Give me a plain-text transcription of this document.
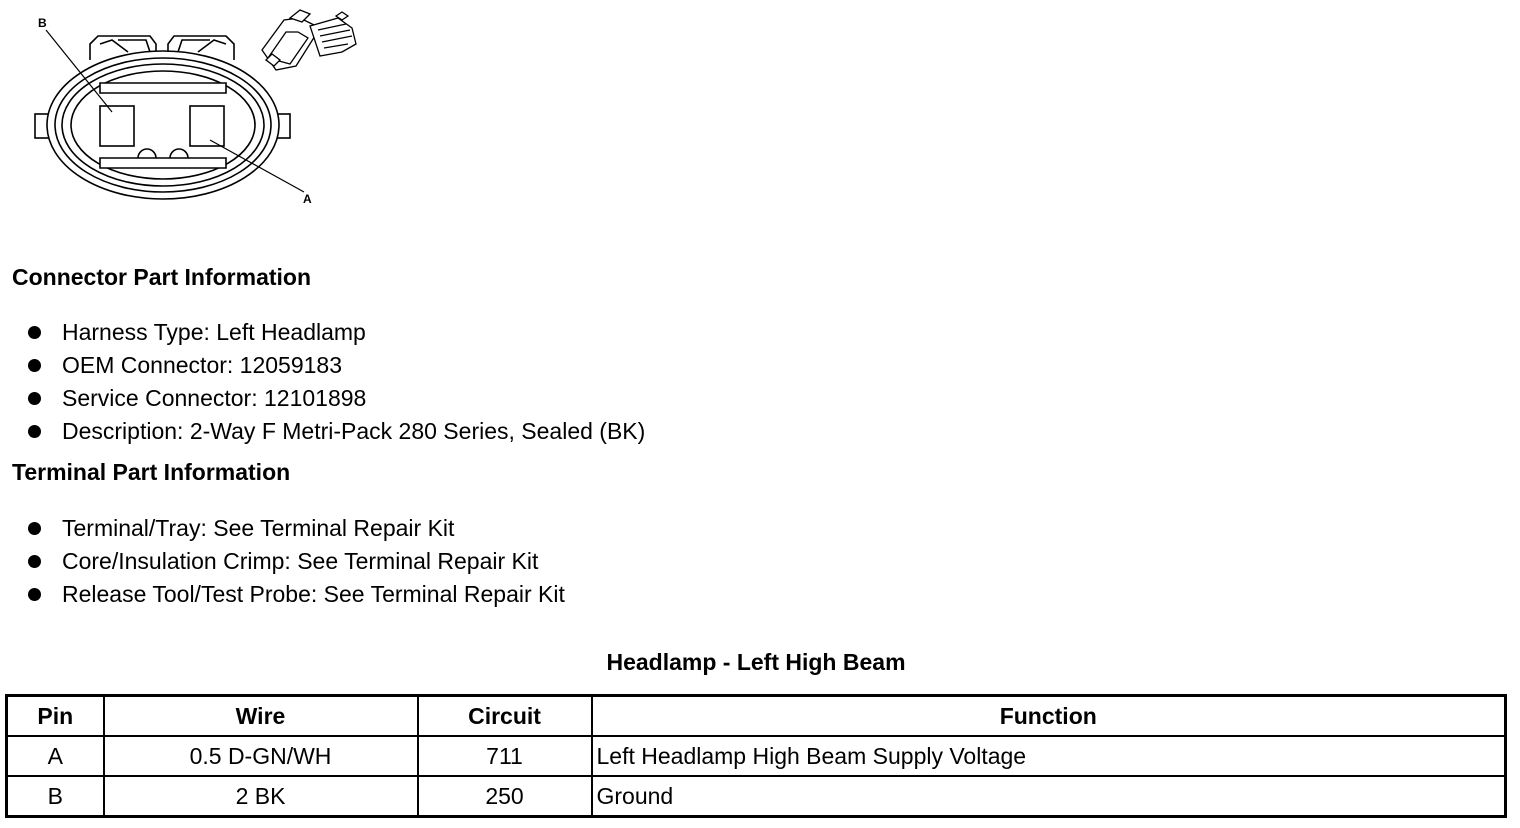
B
A
Connector Part Information
Harness Type: Left Headlamp
OEM Connector: 12059183
Service Connector: 12101898
Description: 2-Way F Metri-Pack 280 Series, Sealed (BK)
Terminal Part Information
Terminal/Tray: See Terminal Repair Kit
Core/Insulation Crimp: See Terminal Repair Kit
Release Tool/Test Probe: See Terminal Repair Kit
Headlamp - Left High Beam
Pin	Wire	Circuit	Function
A	0.5 D-GN/WH	711	Left Headlamp High Beam Supply Voltage
B	2 BK	250	Ground
